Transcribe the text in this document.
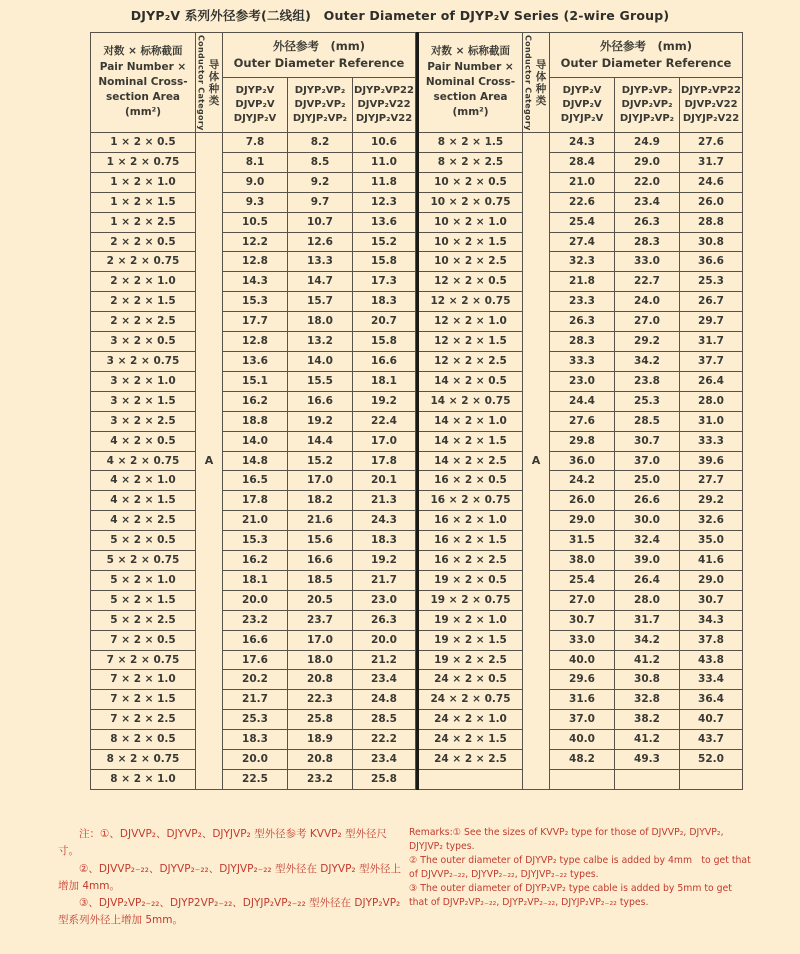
DJYP₂V 系列外径参考(二线组)　Outer Diameter of DJYP₂V Series (2-wire Group)
对数 × 标称截面
Pair Number ×
Nominal Cross-
section Area
(mm²)	Conductor Category 导体种类

外径参考　(mm)
Outer Diameter Reference

DJYP₂V
DJVP₂V
DJYJP₂V

DJYP₂VP₂
DJVP₂VP₂
DJYJP₂VP₂

DJYP₂VP22
DJVP₂V22
DJYJP₂V22

1 × 2 × 0.5	A	7.8	8.2	10.6
1 × 2 × 0.75		8.1	8.5	11.0
1 × 2 × 1.0		9.0	9.2	11.8
1 × 2 × 1.5		9.3	9.7	12.3
1 × 2 × 2.5		10.5	10.7	13.6
2 × 2 × 0.5		12.2	12.6	15.2
2 × 2 × 0.75		12.8	13.3	15.8
2 × 2 × 1.0		14.3	14.7	17.3
2 × 2 × 1.5		15.3	15.7	18.3
2 × 2 × 2.5		17.7	18.0	20.7
3 × 2 × 0.5		12.8	13.2	15.8
3 × 2 × 0.75		13.6	14.0	16.6
3 × 2 × 1.0		15.1	15.5	18.1
3 × 2 × 1.5		16.2	16.6	19.2
3 × 2 × 2.5		18.8	19.2	22.4
4 × 2 × 0.5		14.0	14.4	17.0
4 × 2 × 0.75		14.8	15.2	17.8
4 × 2 × 1.0		16.5	17.0	20.1
4 × 2 × 1.5		17.8	18.2	21.3
4 × 2 × 2.5		21.0	21.6	24.3
5 × 2 × 0.5		15.3	15.6	18.3
5 × 2 × 0.75		16.2	16.6	19.2
5 × 2 × 1.0		18.1	18.5	21.7
5 × 2 × 1.5		20.0	20.5	23.0
5 × 2 × 2.5		23.2	23.7	26.3
7 × 2 × 0.5		16.6	17.0	20.0
7 × 2 × 0.75		17.6	18.0	21.2
7 × 2 × 1.0		20.2	20.8	23.4
7 × 2 × 1.5		21.7	22.3	24.8
7 × 2 × 2.5		25.3	25.8	28.5
8 × 2 × 0.5		18.3	18.9	22.2
8 × 2 × 0.75		20.0	20.8	23.4
8 × 2 × 1.0		22.5	23.2	25.8
对数 × 标称截面
Pair Number ×
Nominal Cross-
section Area
(mm²)	Conductor Category 导体种类

外径参考　(mm)
Outer Diameter Reference

DJYP₂V
DJVP₂V
DJYJP₂V

DJYP₂VP₂
DJVP₂VP₂
DJYJP₂VP₂

DJYP₂VP22
DJVP₂V22
DJYJP₂V22

8 × 2 × 1.5	A	24.3	24.9	27.6
8 × 2 × 2.5		28.4	29.0	31.7
10 × 2 × 0.5		21.0	22.0	24.6
10 × 2 × 0.75		22.6	23.4	26.0
10 × 2 × 1.0		25.4	26.3	28.8
10 × 2 × 1.5		27.4	28.3	30.8
10 × 2 × 2.5		32.3	33.0	36.6
12 × 2 × 0.5		21.8	22.7	25.3
12 × 2 × 0.75		23.3	24.0	26.7
12 × 2 × 1.0		26.3	27.0	29.7
12 × 2 × 1.5		28.3	29.2	31.7
12 × 2 × 2.5		33.3	34.2	37.7
14 × 2 × 0.5		23.0	23.8	26.4
14 × 2 × 0.75		24.4	25.3	28.0
14 × 2 × 1.0		27.6	28.5	31.0
14 × 2 × 1.5		29.8	30.7	33.3
14 × 2 × 2.5		36.0	37.0	39.6
16 × 2 × 0.5		24.2	25.0	27.7
16 × 2 × 0.75		26.0	26.6	29.2
16 × 2 × 1.0		29.0	30.0	32.6
16 × 2 × 1.5		31.5	32.4	35.0
16 × 2 × 2.5		38.0	39.0	41.6
19 × 2 × 0.5		25.4	26.4	29.0
19 × 2 × 0.75		27.0	28.0	30.7
19 × 2 × 1.0		30.7	31.7	34.3
19 × 2 × 1.5		33.0	34.2	37.8
19 × 2 × 2.5		40.0	41.2	43.8
24 × 2 × 0.5		29.6	30.8	33.4
24 × 2 × 0.75		31.6	32.8	36.4
24 × 2 × 1.0		37.0	38.2	40.7
24 × 2 × 1.5		40.0	41.2	43.7
24 × 2 × 2.5		48.2	49.3	52.0

注：①、DJVVP₂、DJYVP₂、DJYJVP₂ 型外径参考 KVVP₂ 型外径尺寸。

②、DJVVP₂₋₂₂、DJYVP₂₋₂₂、DJYJVP₂₋₂₂ 型外径在 DJYVP₂ 型外径上增加 4mm。

③、DJVP₂VP₂₋₂₂、DJYP2VP₂₋₂₂、DJYJP₂VP₂₋₂₂ 型外径在 DJYP₂VP₂ 型系列外径上增加 5mm。

Remarks:① See the sizes of KVVP₂ type for those of DJVVP₂, DJYVP₂, DJYJVP₂ types.

② The outer diameter of DJYVP₂ type calbe is added by 4mm　to get that of DJVVP₂₋₂₂, DJYVP₂₋₂₂, DJYJVP₂₋₂₂ types.

③ The outer diameter of DJYP₂VP₂ type cable is added by 5mm to get that of DJVP₂VP₂₋₂₂, DJYP₂VP₂₋₂₂, DJYJP₂VP₂₋₂₂ types.
